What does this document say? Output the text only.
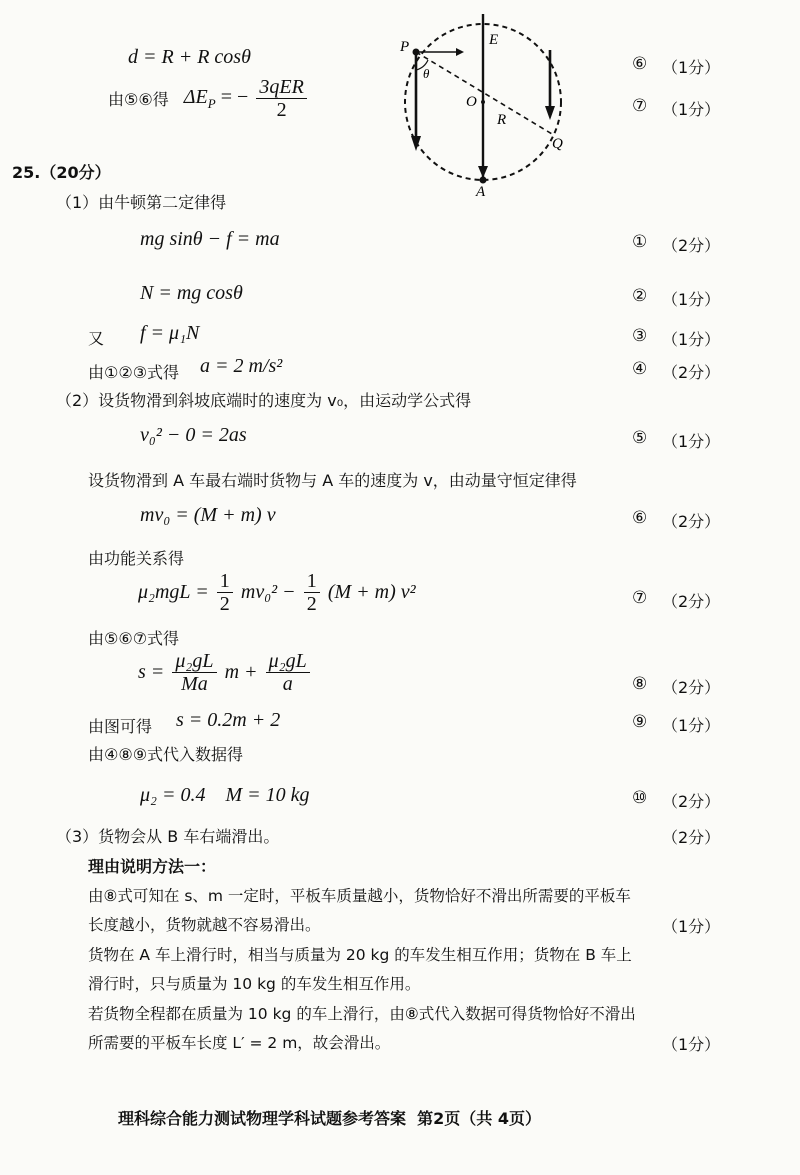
d = R + R cosθ	⑥ （1分）
由⑤⑥得 $\Delta E_P$ = − $\frac{\text{3qER}}{2}$	⑦ （1分）
P	E
O
R
Q
A
θ
25.（20分）
（1）由牛顿第二定律得
mg sinθ − f = ma	① （2分）
N = mg cosθ	② （1分）
又 f = μ₁N	③ （1分）
由①②③式得 a = 2 m/s²	④ （2分）
（2）设货物滑到斜坡底端时的速度为 v₀，由运动学公式得
v₀² − 0 = 2as	⑤ （1分）
设货物滑到 A 车最右端时货物与 A 车的速度为 v，由动量守恒定律得
mv₀ = (M + m) v	⑥ （2分）
由功能关系得
$\mu_2mgL = \frac{1}{2} mv_0^2 - \frac{1}{2} (M + m)$ v²	⑦ （2分）
由⑤⑥⑦式得
$s = \frac{\text{μ₂gL}}{Ma}$ $m + \frac{\text{μ₂gL}}{a}$	⑧ （2分）
由图可得 s = 0.2m + 2	⑨ （1分）
由④⑧⑨式代入数据得
μ₂ = 0.4    M = 10 kg	⑩ （2分）
（3）货物会从 B 车右端滑出。	（2分）
理由说明方法一：
由⑧式可知在 s、m 一定时，平板车质量越小，货物恰好不滑出所需要的平板车
长度越小，货物就越不容易滑出。	（1分）
货物在 A 车上滑行时，相当与质量为 20 kg 的车发生相互作用；货物在 B 车上
滑行时，只与质量为 10 kg 的车发生相互作用。
若货物全程都在质量为 10 kg 的车上滑行，由⑧式代入数据可得货物恰好不滑出
所需要的平板车长度 L′ = 2 m，故会滑出。	（1分）
理科综合能力测试物理学科试题参考答案  第2页（共 4页）
